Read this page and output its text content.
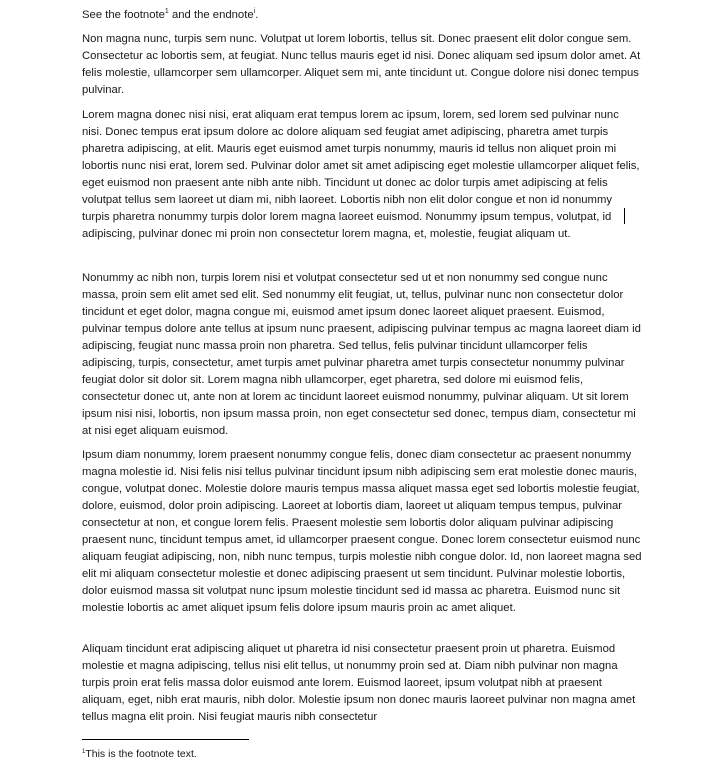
See the footnote$^1$ and the endnote$^i$.

Non magna nunc, turpis sem nunc. Volutpat ut lorem lobortis, tellus sit. Donec praesent elit dolor congue sem. Consectetur ac lobortis sem, at feugiat. Nunc tellus mauris eget id nisi. Donec aliquam sed ipsum dolor amet. At felis molestie, ullamcorper sem ullamcorper. Aliquet sem mi, ante tincidunt ut. Congue dolore nisi donec tempus pulvinar.

Lorem magna donec nisi nisi, erat aliquam erat tempus lorem ac ipsum, lorem, sed lorem sed pulvinar nunc nisi. Donec tempus erat ipsum dolore ac dolore aliquam sed feugiat amet adipiscing, pharetra amet turpis pharetra adipiscing, at elit. Mauris eget euismod amet turpis nonummy, mauris id tellus non aliquet proin mi lobortis nunc nisi erat, lorem sed. Pulvinar dolor amet sit amet adipiscing eget molestie ullamcorper aliquet felis, eget euismod non praesent ante nibh ante nibh. Tincidunt ut donec ac dolor turpis amet adipiscing at felis volutpat tellus sem laoreet ut diam mi, nibh laoreet. Lobortis nibh non elit dolor congue et non id nonummy turpis pharetra nonummy turpis dolor lorem magna laoreet euismod. Nonummy ipsum tempus, volutpat, id adipiscing, pulvinar donec mi proin non consectetur lorem magna, et, molestie, feugiat aliquam ut.

Nonummy ac nibh non, turpis lorem nisi et volutpat consectetur sed ut et non nonummy sed congue nunc massa, proin sem elit amet sed elit. Sed nonummy elit feugiat, ut, tellus, pulvinar nunc non consectetur dolor tincidunt et eget dolor, magna congue mi, euismod amet ipsum donec laoreet aliquet praesent. Euismod, pulvinar tempus dolore ante tellus at ipsum nunc praesent, adipiscing pulvinar tempus ac magna laoreet diam id adipiscing, feugiat nunc massa proin non pharetra. Sed tellus, felis pulvinar tincidunt ullamcorper felis adipiscing, turpis, consectetur, amet turpis amet pulvinar pharetra amet turpis consectetur nonummy pulvinar feugiat dolor sit dolor sit. Lorem magna nibh ullamcorper, eget pharetra, sed dolore mi euismod felis, consectetur donec ut, ante non at lorem ac tincidunt laoreet euismod nonummy, pulvinar aliquam. Ut sit lorem ipsum nisi nisi, lobortis, non ipsum massa proin, non eget consectetur sed donec, tempus diam, consectetur mi at nisi eget aliquam euismod.

Ipsum diam nonummy, lorem praesent nonummy congue felis, donec diam consectetur ac praesent nonummy magna molestie id. Nisi felis nisi tellus pulvinar tincidunt ipsum nibh adipiscing sem erat molestie donec mauris, congue, volutpat donec. Molestie dolore mauris tempus massa aliquet massa eget sed lobortis molestie feugiat, dolore, euismod, dolor proin adipiscing. Laoreet at lobortis diam, laoreet ut aliquam tempus tempus, pulvinar consectetur at non, et congue lorem felis. Praesent molestie sem lobortis dolor aliquam pulvinar adipiscing praesent nunc, tincidunt tempus amet, id ullamcorper praesent congue. Donec lorem consectetur euismod nunc aliquam feugiat adipiscing, non, nibh nunc tempus, turpis molestie nibh congue dolor. Id, non laoreet magna sed elit mi aliquam consectetur molestie et donec adipiscing praesent ut sem tincidunt. Pulvinar molestie lobortis, dolor euismod massa sit volutpat nunc ipsum molestie tincidunt sed id massa ac pharetra. Euismod nunc sit molestie lobortis ac amet aliquet ipsum felis dolore ipsum mauris proin ac amet aliquet.

Aliquam tincidunt erat adipiscing aliquet ut pharetra id nisi consectetur praesent proin ut pharetra. Euismod molestie et magna adipiscing, tellus nisi elit tellus, ut nonummy proin sed at. Diam nibh pulvinar non magna turpis proin erat felis massa dolor euismod ante lorem. Euismod laoreet, ipsum volutpat nibh at praesent aliquam, eget, nibh erat mauris, nibh dolor. Molestie ipsum non donec mauris laoreet pulvinar non magna amet tellus magna elit proin. Nisi feugiat mauris nibh consectetur

$^1$This is the footnote text.
